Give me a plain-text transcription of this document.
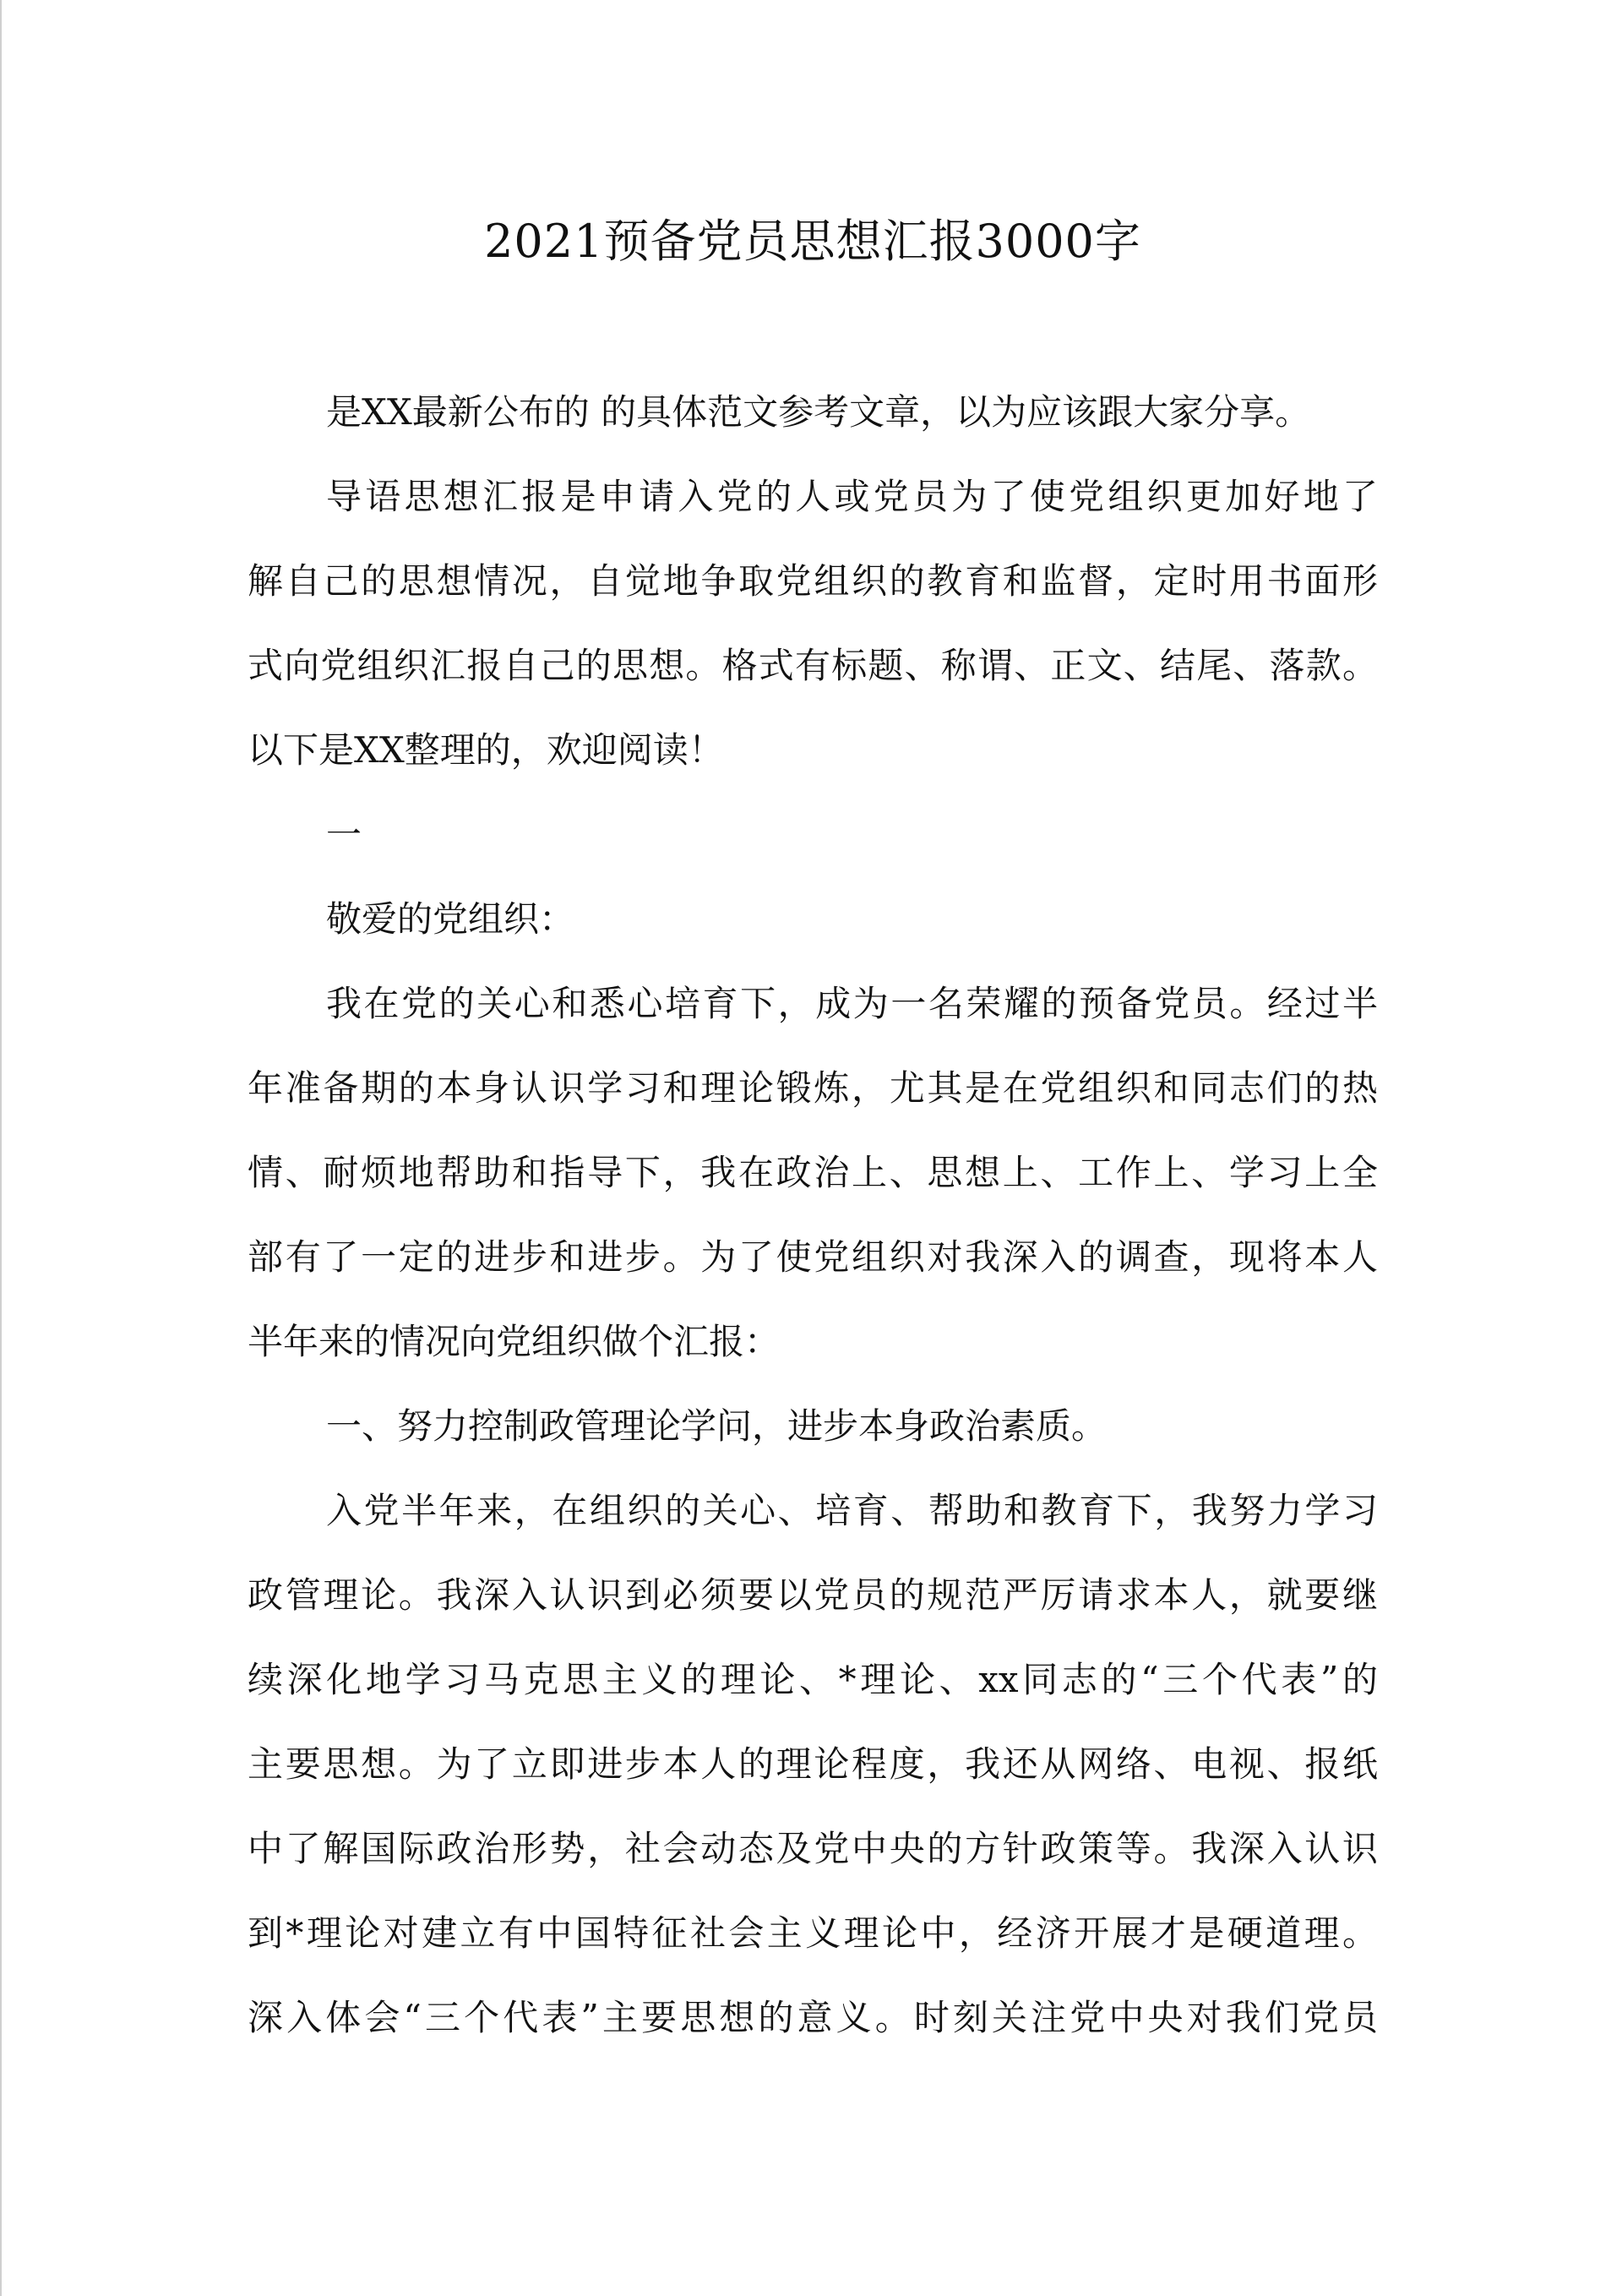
2021预备党员思想汇报3000字
是XX最新公布的 的具体范文参考文章，以为应该跟大家分享。
导语思想汇报是申请入党的人或党员为了使党组织更加好地了
解自己的思想情况，自觉地争取党组织的教育和监督，定时用书面形
式向党组织汇报自己的思想。格式有标题、称谓、正文、结尾、落款。
以下是XX整理的，欢迎阅读！
一
敬爱的党组织：
我在党的关心和悉心培育下，成为一名荣耀的预备党员。经过半
年准备期的本身认识学习和理论锻炼，尤其是在党组织和同志们的热
情、耐烦地帮助和指导下，我在政治上、思想上、工作上、学习上全
部有了一定的进步和进步。为了使党组织对我深入的调查，现将本人
半年来的情况向党组织做个汇报：
一、努力控制政管理论学问，进步本身政治素质。
入党半年来，在组织的关心、培育、帮助和教育下，我努力学习
政管理论。我深入认识到必须要以党员的规范严厉请求本人，就要继
续深化地学习马克思主义的理论、*理论、xx同志的“三个代表”的
主要思想。为了立即进步本人的理论程度，我还从网络、电视、报纸
中了解国际政治形势，社会动态及党中央的方针政策等。我深入认识
到*理论对建立有中国特征社会主义理论中，经济开展才是硬道理。
深入体会“三个代表”主要思想的意义。时刻关注党中央对我们党员
